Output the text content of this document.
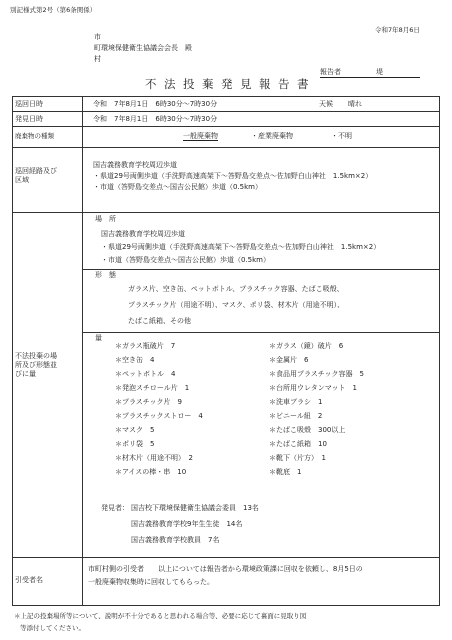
別記様式第2号（第6条関係）
令和7年8月6日
市
町環境保健衛生協議会会長　殿
村
報告者	堤
不法投棄発見報告書
巡回日時	令和　7年8月1日　6時30分〜7時30分	天候 晴れ
発見日時	令和　7年8月1日　6時30分〜7時30分
廃棄物の種類	一般廃棄物	・産業廃棄物	・不明
巡回経路及び
区域
国吉義務教育学校周辺歩道
・県道29号両側歩道（手洗野高速高架下〜答野島交差点〜佐加野白山神社　1.5km×2）
・市道（答野島交差点〜国吉公民館）歩道（0.5km）
不法投棄の場
所及び形態並
びに量
場　所
国吉義務教育学校周辺歩道
・県道29号両側歩道（手洗野高速高架下〜答野島交差点〜佐加野白山神社　1.5km×2）
・市道（答野島交差点〜国吉公民館）歩道（0.5km）
形　態
ガラス片、空き缶、ペットボトル、プラスチック容器、たばこ吸殻、
プラスチック片（用途不明）、マスク、ポリ袋、材木片（用途不明）、
たばこ紙箱、その他
量
＊ガラス瓶破片　7
＊空き缶　4
＊ペットボトル　4
＊発泡スチロール片　1
＊プラスチック片　9
＊プラスチックストロー　4
＊マスク　5
＊ポリ袋　5
＊材木片（用途不明）　2
＊アイスの棒・串　10
＊ガラス（鏡）破片　6
＊金属片　6
＊食品用プラスチック容器　5
＊台所用ウレタンマット　1
＊洗車ブラシ　1
＊ビニール紐　2
＊たばこ吸殻　300以上
＊たばこ紙箱　10
＊靴下（片方）　1
＊靴底　1
発見者： 国吉校下環境保健衛生協議会委員　13名
国吉義務教育学校9年生生徒　14名
国吉義務教育学校教員　7名
引受者名
市町村側の引受者　　以上については報告者から環境政策課に回収を依頼し、8月5日の
一般廃棄物収集時に回収してもらった。
＊上記の投棄場所等について、説明が不十分であると思われる場合等、必要に応じて裏面に見取り図
等添付してください。
